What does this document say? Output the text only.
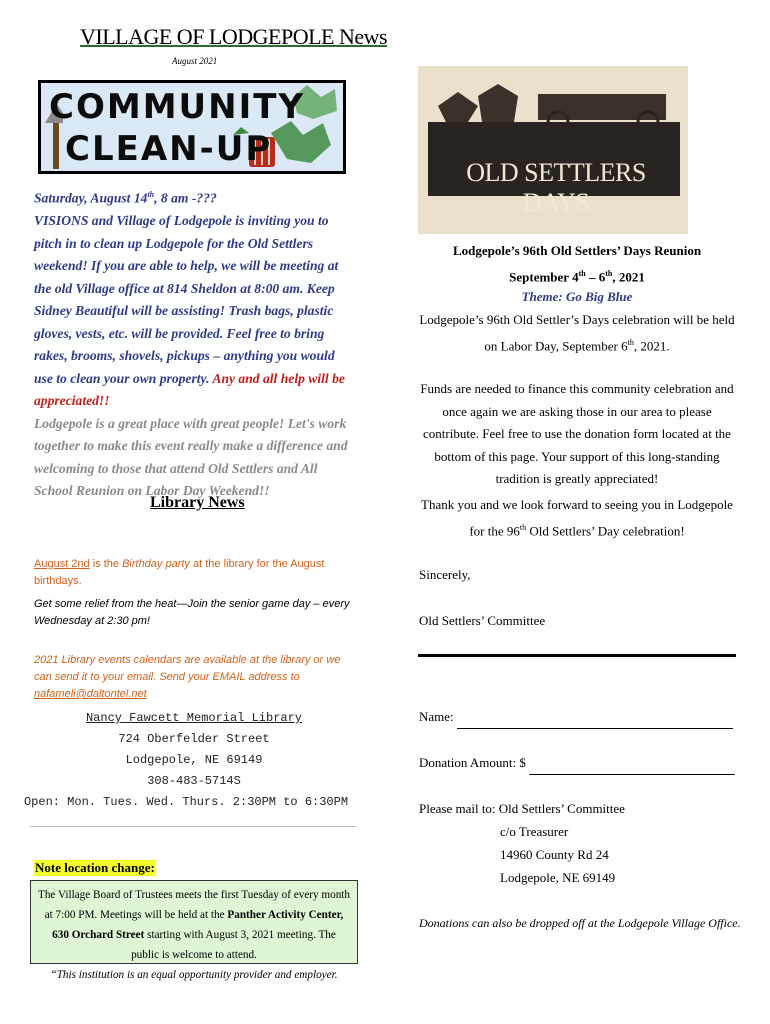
VILLAGE OF LODGEPOLE News
August 2021
COMMUNITY
CLEAN-UP
Saturday, August 14th, 8 am -???
VISIONS and Village of Lodgepole is inviting you to pitch in to clean up Lodgepole for the Old Settlers weekend! If you are able to help, we will be meeting at the old Village office at 814 Sheldon at 8:00 am. Keep Sidney Beautiful will be assisting! Trash bags, plastic gloves, vests, etc. will be provided. Feel free to bring rakes, brooms, shovels, pickups – anything you would use to clean your own property. Any and all help will be appreciated!!
Lodgepole is a great place with great people! Let's work together to make this event really make a difference and welcoming to those that attend Old Settlers and All School Reunion on Labor Day Weekend!!
Library News
August 2nd is the Birthday party at the library for the August birthdays.
Get some relief from the heat—Join the senior game day – every Wednesday at 2:30 pm!
2021 Library events calendars are available at the library or we can send it to your email. Send your EMAIL address to nafameli@daltontel.net
Nancy Fawcett Memorial Library
724 Oberfelder Street
Lodgepole, NE 69149
308-483-5714S
Open: Mon. Tues. Wed. Thurs. 2:30PM to 6:30PM
Note location change:
The Village Board of Trustees meets the first Tuesday of every month at 7:00 PM. Meetings will be held at the Panther Activity Center, 630 Orchard Street starting with August 3, 2021 meeting. The public is welcome to attend.
“This institution is an equal opportunity provider and employer.
OLD SETTLERS DAYS
Lodgepole’s 96th Old Settlers’ Days Reunion
September 4th – 6th, 2021
Theme: Go Big Blue
Lodgepole’s 96th Old Settler’s Days celebration will be held on Labor Day, September 6th, 2021.
Funds are needed to finance this community celebration and once again we are asking those in our area to please contribute. Feel free to use the donation form located at the bottom of this page. Your support of this long-standing tradition is greatly appreciated!
Thank you and we look forward to seeing you in Lodgepole for the 96th Old Settlers’ Day celebration!
Sincerely,
Old Settlers’ Committee
Name:
Donation Amount: $
Please mail to: Old Settlers’ Committee
c/o Treasurer
14960 County Rd 24
Lodgepole, NE 69149
Donations can also be dropped off at the Lodgepole Village Office.
